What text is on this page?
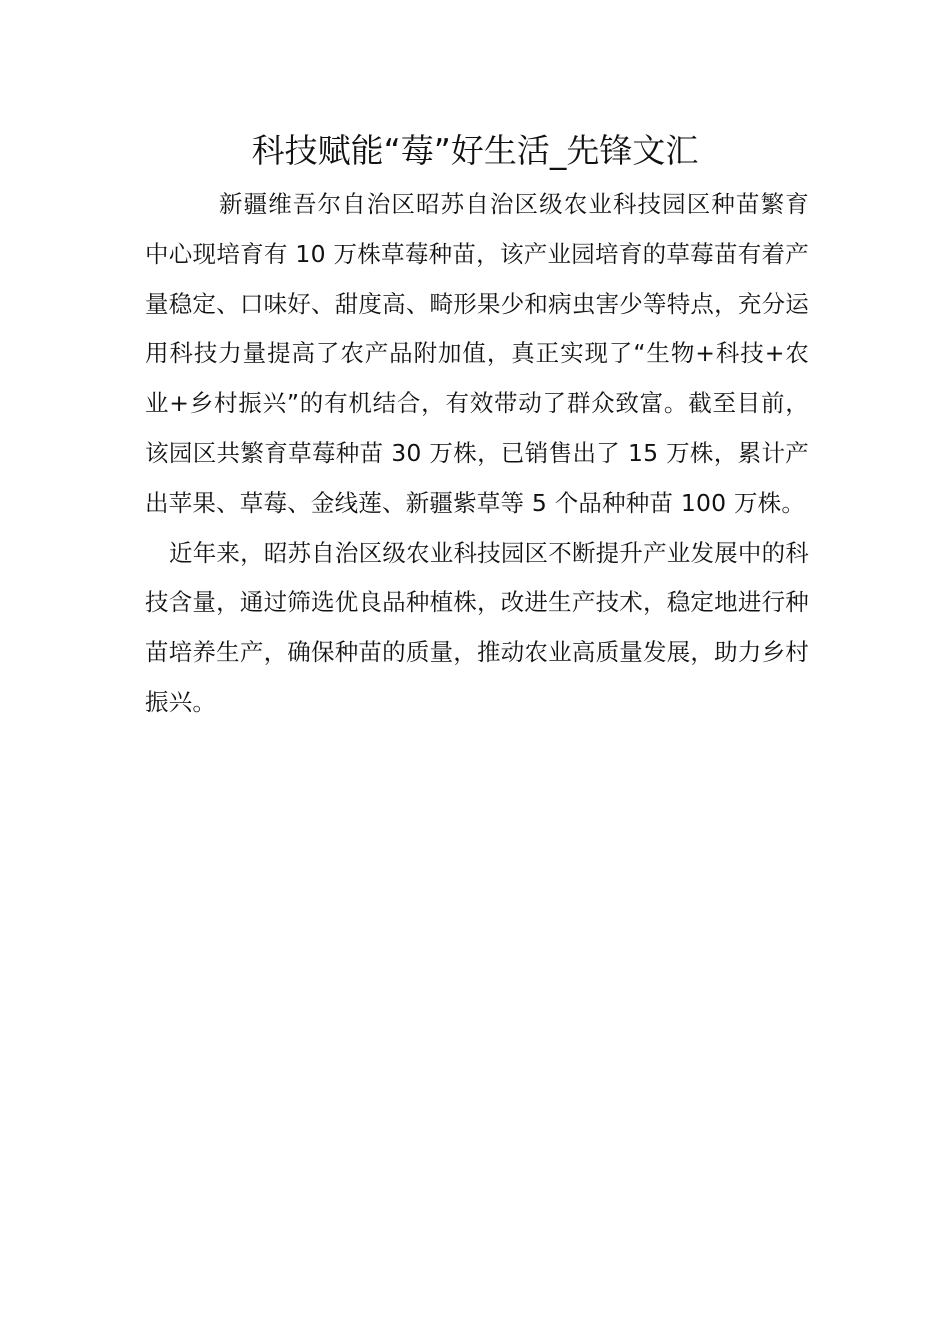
科技赋能“莓”好生活_先锋文汇

新疆维吾尔自治区昭苏自治区级农业科技园区种苗繁育中心现培育有 10 万株草莓种苗，该产业园培育的草莓苗有着产量稳定、口味好、甜度高、畸形果少和病虫害少等特点，充分运用科技力量提高了农产品附加值，真正实现了“生物+科技+农业+乡村振兴”的有机结合，有效带动了群众致富。截至目前，该园区共繁育草莓种苗 30 万株，已销售出了 15 万株，累计产出苹果、草莓、金线莲、新疆紫草等 5 个品种种苗 100 万株。

近年来，昭苏自治区级农业科技园区不断提升产业发展中的科技含量，通过筛选优良品种植株，改进生产技术，稳定地进行种苗培养生产，确保种苗的质量，推动农业高质量发展，助力乡村振兴。
